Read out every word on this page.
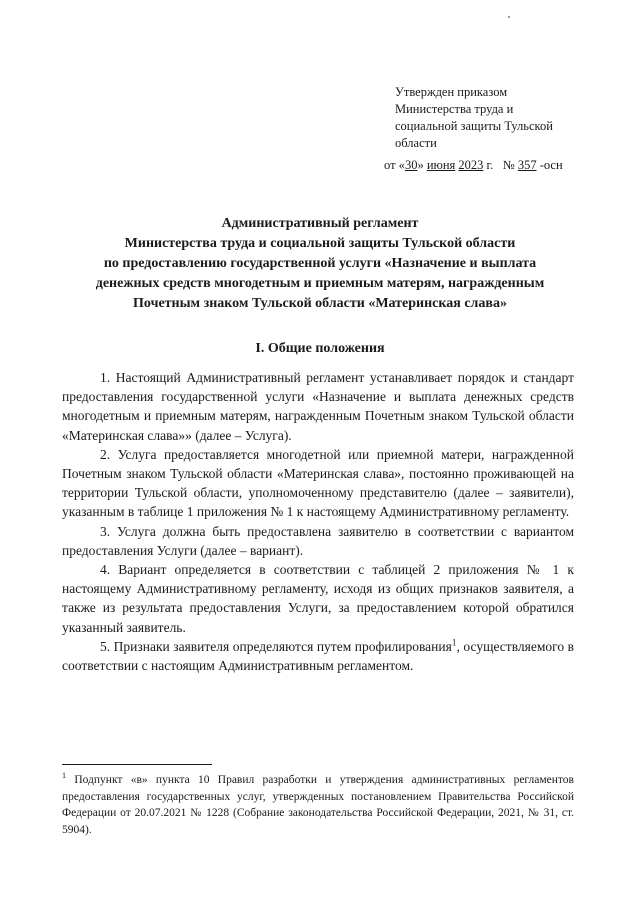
Утвержден приказом
Министерства труда и
социальной защиты Тульской
области
от «30» июня 2023 г. № 357 -осн
Административный регламент
Министерства труда и социальной защиты Тульской области
по предоставлению государственной услуги «Назначение и выплата
денежных средств многодетным и приемным матерям, награжденным
Почетным знаком Тульской области «Материнская слава»
I. Общие положения

1. Настоящий Административный регламент устанавливает порядок и стандарт предоставления государственной услуги «Назначение и выплата денежных средств многодетным и приемным матерям, награжденным Почетным знаком Тульской области «Материнская слава»» (далее – Услуга).

2. Услуга предоставляется многодетной или приемной матери, награжденной Почетным знаком Тульской области «Материнская слава», постоянно проживающей на территории Тульской области, уполномоченному представителю (далее – заявители), указанным в таблице 1 приложения № 1 к настоящему Административному регламенту.

3. Услуга должна быть предоставлена заявителю в соответствии с вариантом предоставления Услуги (далее – вариант).

4. Вариант определяется в соответствии с таблицей 2 приложения № 1 к настоящему Административному регламенту, исходя из общих признаков заявителя, а также из результата предоставления Услуги, за предоставлением которой обратился указанный заявитель.

5. Признаки заявителя определяются путем профилирования$^1$, осуществляемого в соответствии с настоящим Административным регламентом.

$^1$ Подпункт «в» пункта 10 Правил разработки и утверждения административных регламентов предоставления государственных услуг, утвержденных постановлением Правительства Российской Федерации от 20.07.2021 № 1228 (Собрание законодательства Российской Федерации, 2021, № 31, ст. 5904).
